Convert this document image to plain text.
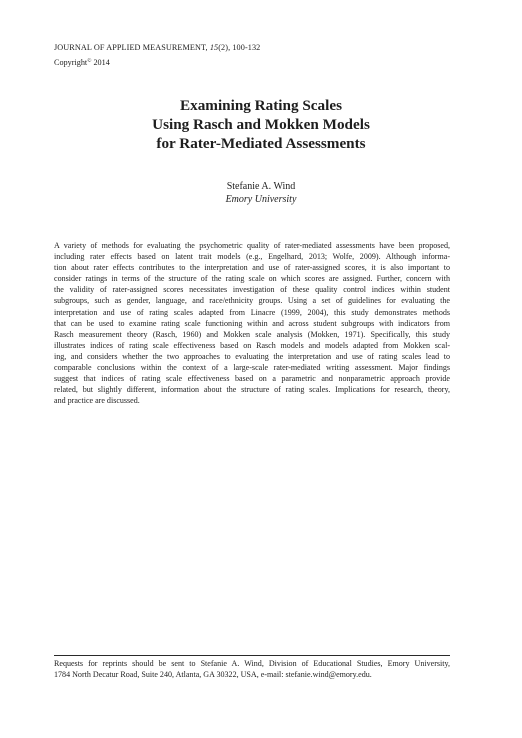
JOURNAL OF APPLIED MEASUREMENT, 15(2), 100-132
Copyright© 2014
Examining Rating Scales
Using Rasch and Mokken Models
for Rater-Mediated Assessments
Stefanie A. Wind
Emory University
A variety of methods for evaluating the psychometric quality of rater-mediated assessments have been proposed,
including rater effects based on latent trait models (e.g., Engelhard, 2013; Wolfe, 2009). Although informa-
tion about rater effects contributes to the interpretation and use of rater-assigned scores, it is also important to
consider ratings in terms of the structure of the rating scale on which scores are assigned. Further, concern with
the validity of rater-assigned scores necessitates investigation of these quality control indices within student
subgroups, such as gender, language, and race/ethnicity groups. Using a set of guidelines for evaluating the
interpretation and use of rating scales adapted from Linacre (1999, 2004), this study demonstrates methods
that can be used to examine rating scale functioning within and across student subgroups with indicators from
Rasch measurement theory (Rasch, 1960) and Mokken scale analysis (Mokken, 1971). Specifically, this study
illustrates indices of rating scale effectiveness based on Rasch models and models adapted from Mokken scal-
ing, and considers whether the two approaches to evaluating the interpretation and use of rating scales lead to
comparable conclusions within the context of a large-scale rater-mediated writing assessment. Major findings
suggest that indices of rating scale effectiveness based on a parametric and nonparametric approach provide
related, but slightly different, information about the structure of rating scales. Implications for research, theory,
and practice are discussed.
Requests for reprints should be sent to Stefanie A. Wind, Division of Educational Studies, Emory University,
1784 North Decatur Road, Suite 240, Atlanta, GA 30322, USA, e-mail: stefanie.wind@emory.edu.
